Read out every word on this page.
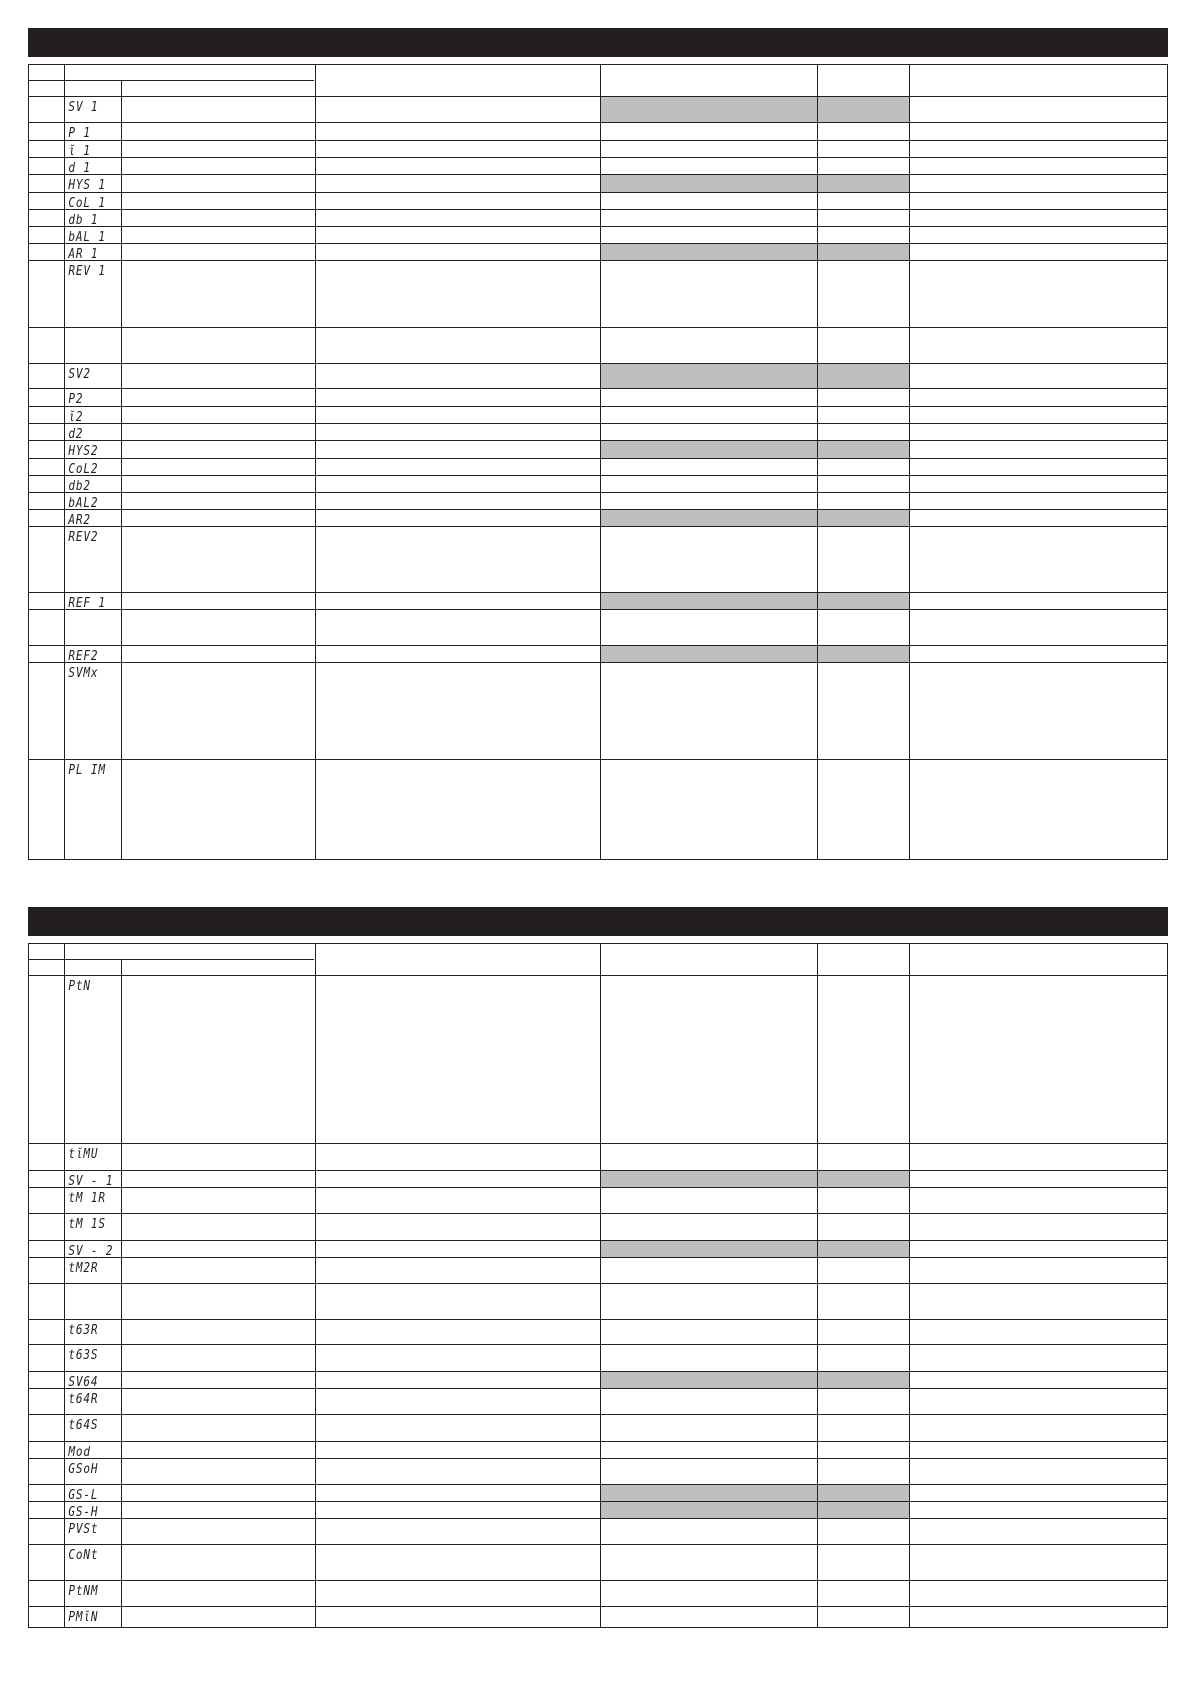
SV 1
P 1
ῐ 1
d 1
HYS 1
CoL 1
db 1
bAL 1
AR 1
REV 1
SV2
P2
ῐ2
d2
HYS2
CoL2
db2
bAL2
AR2
REV2
REF 1
REF2
SVMx
PL IM
PtN
tῐMU
SV - 1
tM 1R
tM 1S
SV - 2
tM2R
t63R
t63S
SV64
t64R
t64S
Mod
GSoH
GS-L
GS-H
PVSt
CoNt
PtNM
PMῐN
